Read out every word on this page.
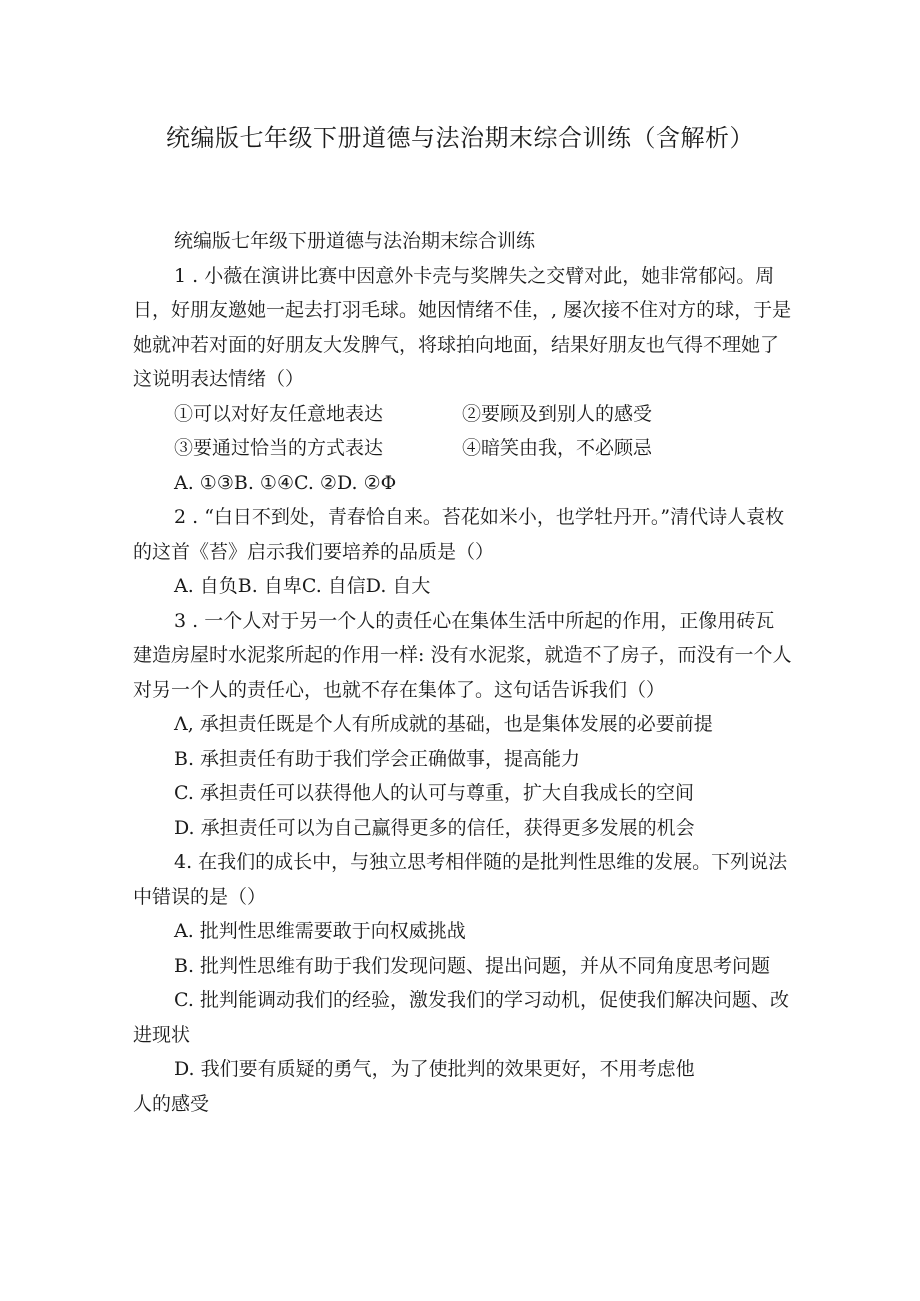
统编版七年级下册道德与法治期末综合训练（含解析）

统编版七年级下册道德与法治期末综合训练

1 . 小薇在演讲比赛中因意外卡壳与奖牌失之交臂对此，她非常郁闷。周日，好朋友邀她一起去打羽毛球。她因情绪不佳，, 屡次接不住对方的球，于是她就冲若对面的好朋友大发脾气，将球拍向地面，结果好朋友也气得不理她了这说明表达情绪（）

①可以对好友任意地表达	②要顾及到别人的感受
③要通过恰当的方式表达	④暗笑由我，不必顾忌

A. ①③B. ①④C. ②D. ②Φ

2 . “白日不到处，青春恰自来。苔花如米小，也学牡丹开。”清代诗人袁枚的这首《苔》启示我们要培养的品质是（）

A. 自负B. 自卑C. 自信D. 自大

3 . 一个人对于另一个人的责任心在集体生活中所起的作用，正像用砖瓦建造房屋时水泥浆所起的作用一样: 没有水泥浆，就造不了房子，而没有一个人对另一个人的责任心，也就不存在集体了。这句话告诉我们（）

Λ, 承担责任既是个人有所成就的基础，也是集体发展的必要前提

B. 承担责任有助于我们学会正确做事，提高能力

C. 承担责任可以获得他人的认可与尊重，扩大自我成长的空间

D. 承担责任可以为自己赢得更多的信任，获得更多发展的机会

4. 在我们的成长中，与独立思考相伴随的是批判性思维的发展。下列说法中错误的是（）

A. 批判性思维需要敢于向权威挑战

B. 批判性思维有助于我们发现问题、提出问题，并从不同角度思考问题

C. 批判能调动我们的经验，激发我们的学习动机，促使我们解决问题、改进现状

D. 我们要有质疑的勇气，为了使批判的效果更好，不用考虑他

人的感受
